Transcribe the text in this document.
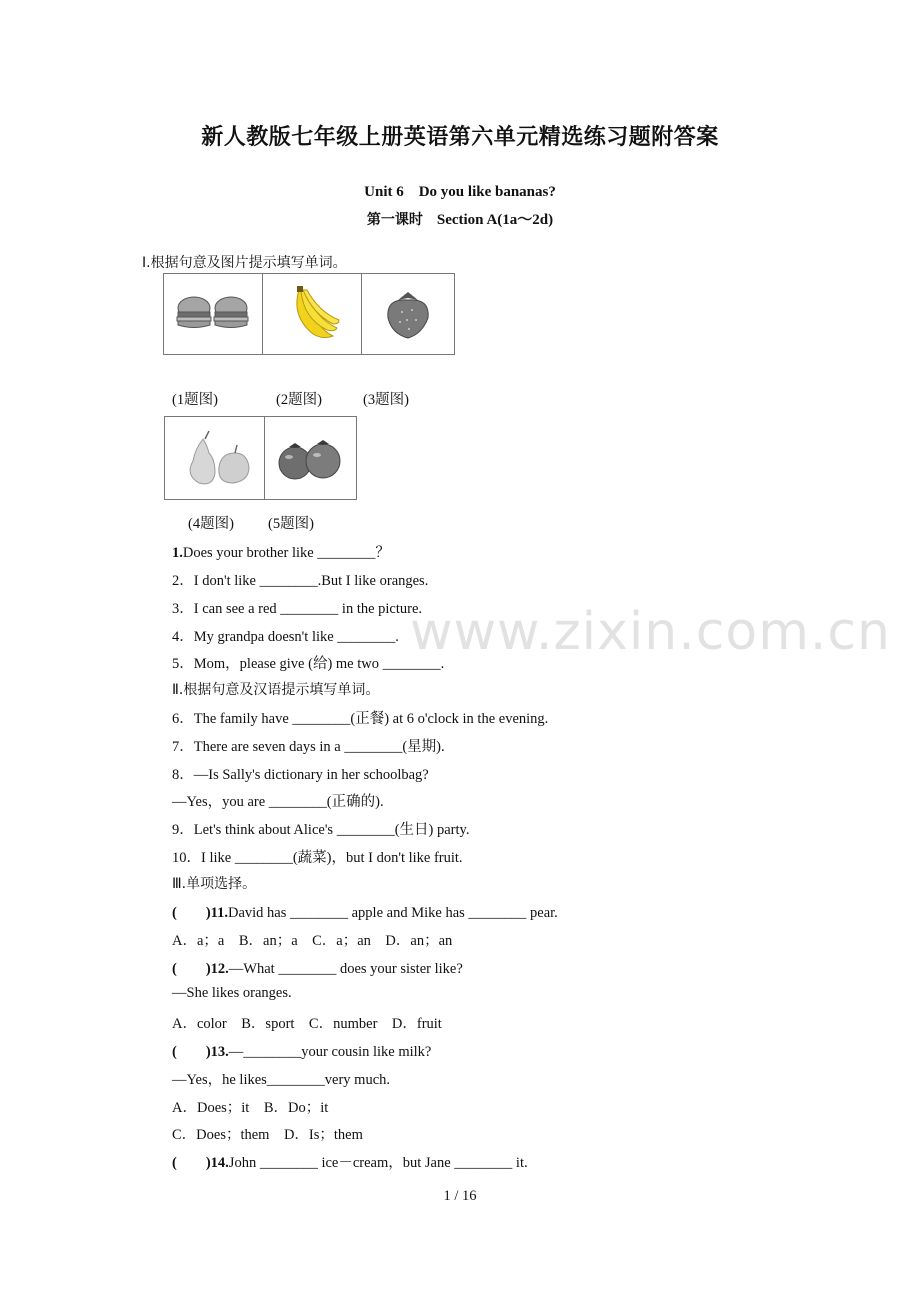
新人教版七年级上册英语第六单元精选练习题附答案
Unit 6　Do you like bananas?
第一课时 Section A(1a～2d)
Ⅰ.根据句意及图片提示填写单词。
(1题图)	(2题图)	(3题图)
(4题图) (5题图)
1.Does your brother like ________？
2．I don't like ________.But I like oranges.
3．I can see a red ________ in the picture.
4．My grandpa doesn't like ________.
5．Mom，please give (给) me two ________.
Ⅱ.根据句意及汉语提示填写单词。
6．The family have ________(正餐) at 6 o'clock in the evening.
7．There are seven days in a ________(星期).
8．—Is Sally's dictionary in her schoolbag?
—Yes，you are ________(正确的).
9．Let's think about Alice's ________(生日) party.
10．I like ________(蔬菜)，but I don't like fruit.
Ⅲ.单项选择。
(　　)11.David has ________ apple and Mike has ________ pear.
A．a；a　B．an；a　C．a；an　D．an；an
(　　)12.—What ________ does your sister like?
—She likes oranges.
A．color　B．sport　C．number　D．fruit
(　　)13.—________your cousin like milk?
—Yes，he likes________very much.
A．Does；it　B．Do；it
C．Does；them　D．Is；them
(　　)14.John ________ ice－cream，but Jane ________ it.
www.zixin.com.cn
1 / 16
